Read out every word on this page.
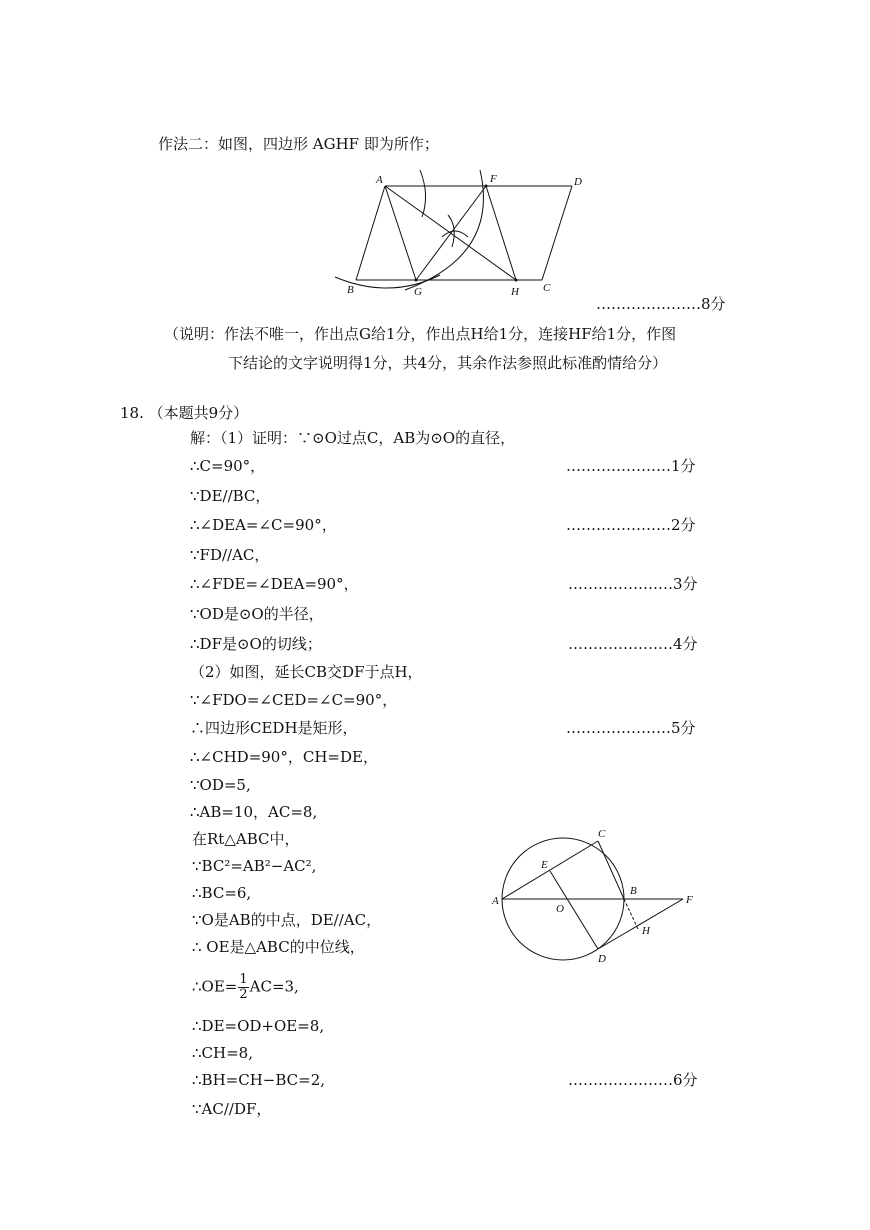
作法二：如图，四边形 AGHF 即为所作；
A	F	D
B	G	H C
…………………8分
（说明：作法不唯一，作出点G给1分，作出点H给1分，连接HF给1分，作图
下结论的文字说明得1分，共4分，其余作法参照此标准酌情给分）
18. （本题共9分）
解：（1）证明：∵⊙O过点C，AB为⊙O的直径，
∴C=90°，	…………………1分
∵DE//BC，
∴∠DEA=∠C=90°，	…………………2分
∵FD//AC，
∴∠FDE=∠DEA=90°，	…………………3分
∵OD是⊙O的半径，
∴DF是⊙O的切线；	…………………4分
（2）如图，延长CB交DF于点H，
∵∠FDO=∠CED=∠C=90°，
∴四边形CEDH是矩形，	…………………5分
∴∠CHD=90°，CH=DE，
∵OD=5,
∴AB=10，AC=8,
在Rt△ABC中，
∵BC²=AB²−AC²,
∴BC=6,
∵O是AB的中点，DE//AC，
∴ OE是△ABC的中位线，
∴OE= $\frac{1}{2} AC=3$,
∴DE=OD+OE=8,
∴CH=8,
∴BH=CH−BC=2,	…………………6分
∵AC//DF，
C
E
A
O
B
F
H
D
